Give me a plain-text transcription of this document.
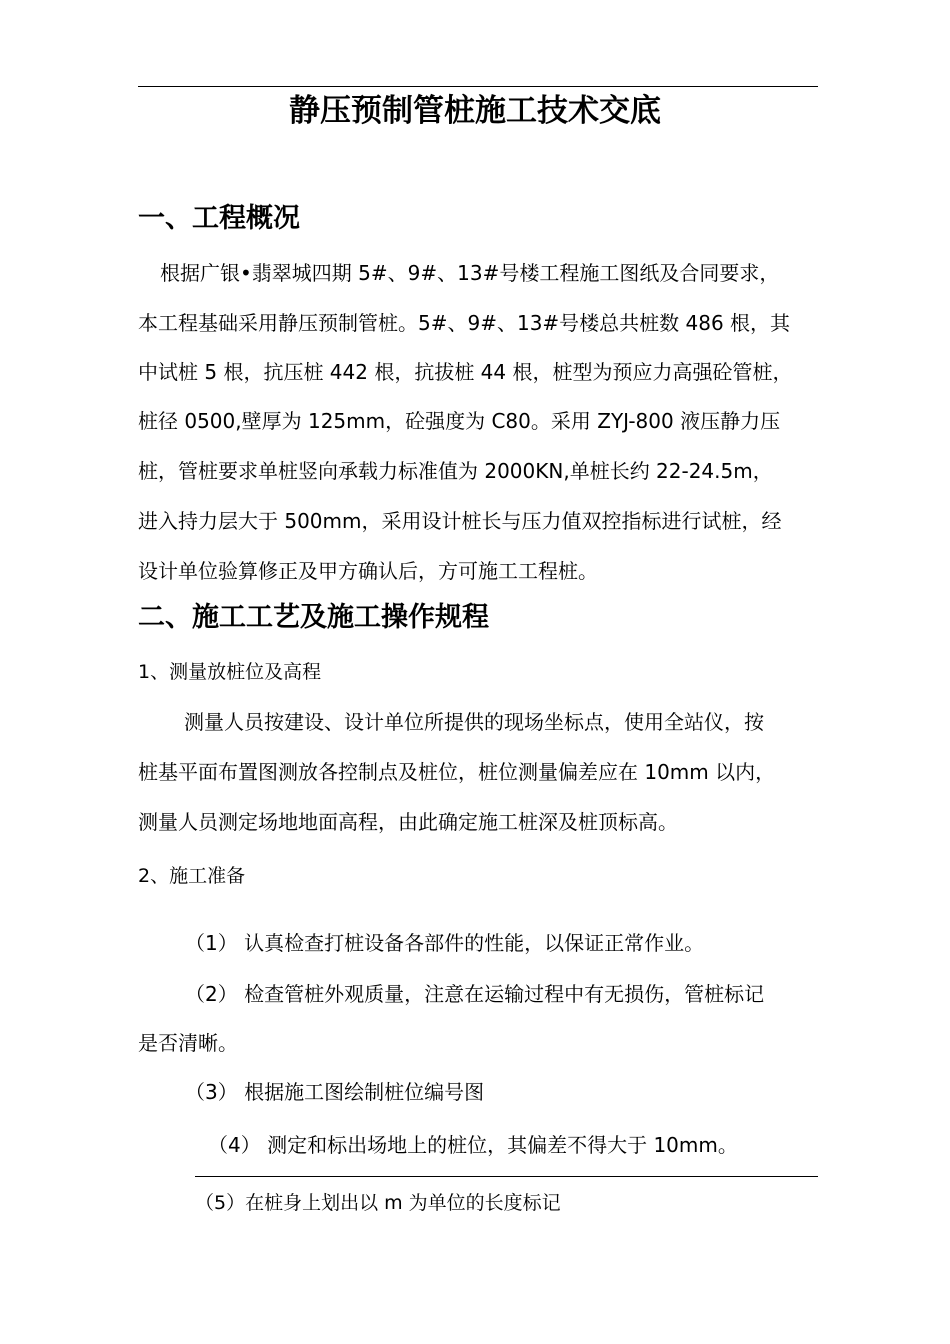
静压预制管桩施工技术交底
一、工程概况
根据广银•翡翠城四期 5#、9#、13#号楼工程施工图纸及合同要求，
本工程基础采用静压预制管桩。5#、9#、13#号楼总共桩数 486 根，其
中试桩 5 根，抗压桩 442 根，抗拔桩 44 根，桩型为预应力高强砼管桩，
桩径 0500,壁厚为 125mm，砼强度为 C80。采用 ZYJ-800 液压静力压
桩，管桩要求单桩竖向承载力标准值为 2000KN,单桩长约 22-24.5m，
进入持力层大于 500mm，采用设计桩长与压力值双控指标进行试桩，经
设计单位验算修正及甲方确认后，方可施工工程桩。
二、施工工艺及施工操作规程
1、测量放桩位及高程
测量人员按建设、设计单位所提供的现场坐标点，使用全站仪，按
桩基平面布置图测放各控制点及桩位，桩位测量偏差应在 10mm 以内，
测量人员测定场地地面高程，由此确定施工桩深及桩顶标高。
2、施工准备
（1） 认真检查打桩设备各部件的性能，以保证正常作业。
（2） 检查管桩外观质量，注意在运输过程中有无损伤，管桩标记
是否清晰。
（3） 根据施工图绘制桩位编号图
（4） 测定和标出场地上的桩位，其偏差不得大于 10mm。
（5）在桩身上划出以 m 为单位的长度标记
